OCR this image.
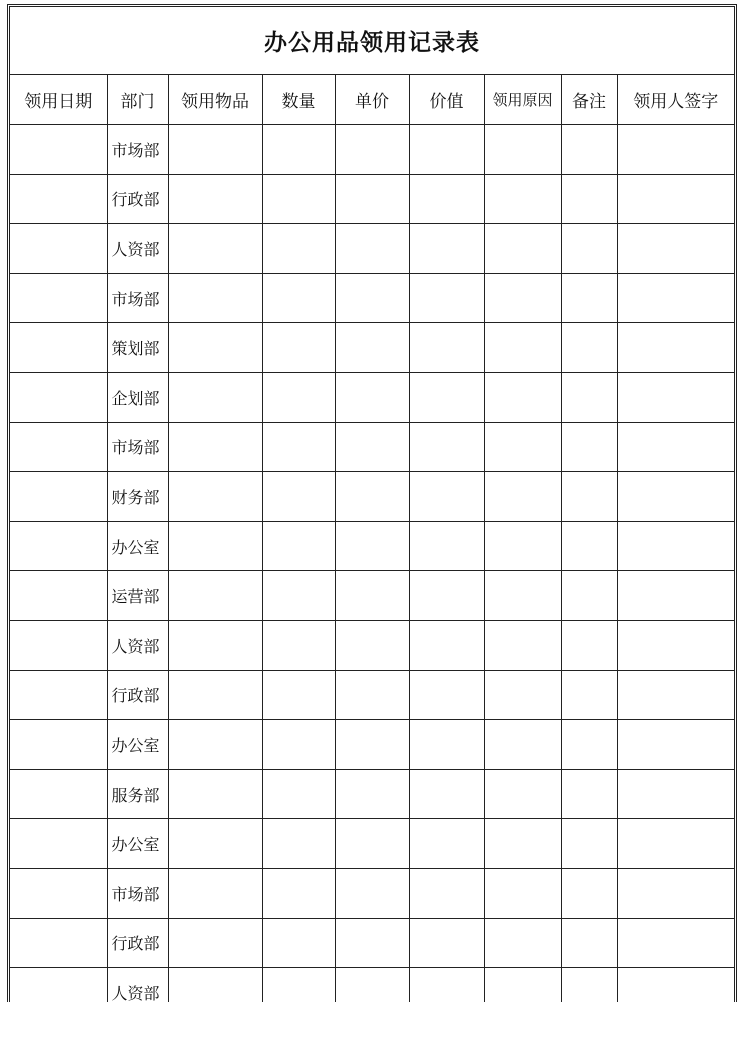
办公用品领用记录表
领用日期	部门	领用物品	数量	单价	价值	领用原因	备注	领用人签字
	市场部							
	行政部							
	人资部							
	市场部							
	策划部							
	企划部							
	市场部							
	财务部							
	办公室							
	运营部							
	人资部							
	行政部							
	办公室							
	服务部							
	办公室							
	市场部							
	行政部							
	人资部							
